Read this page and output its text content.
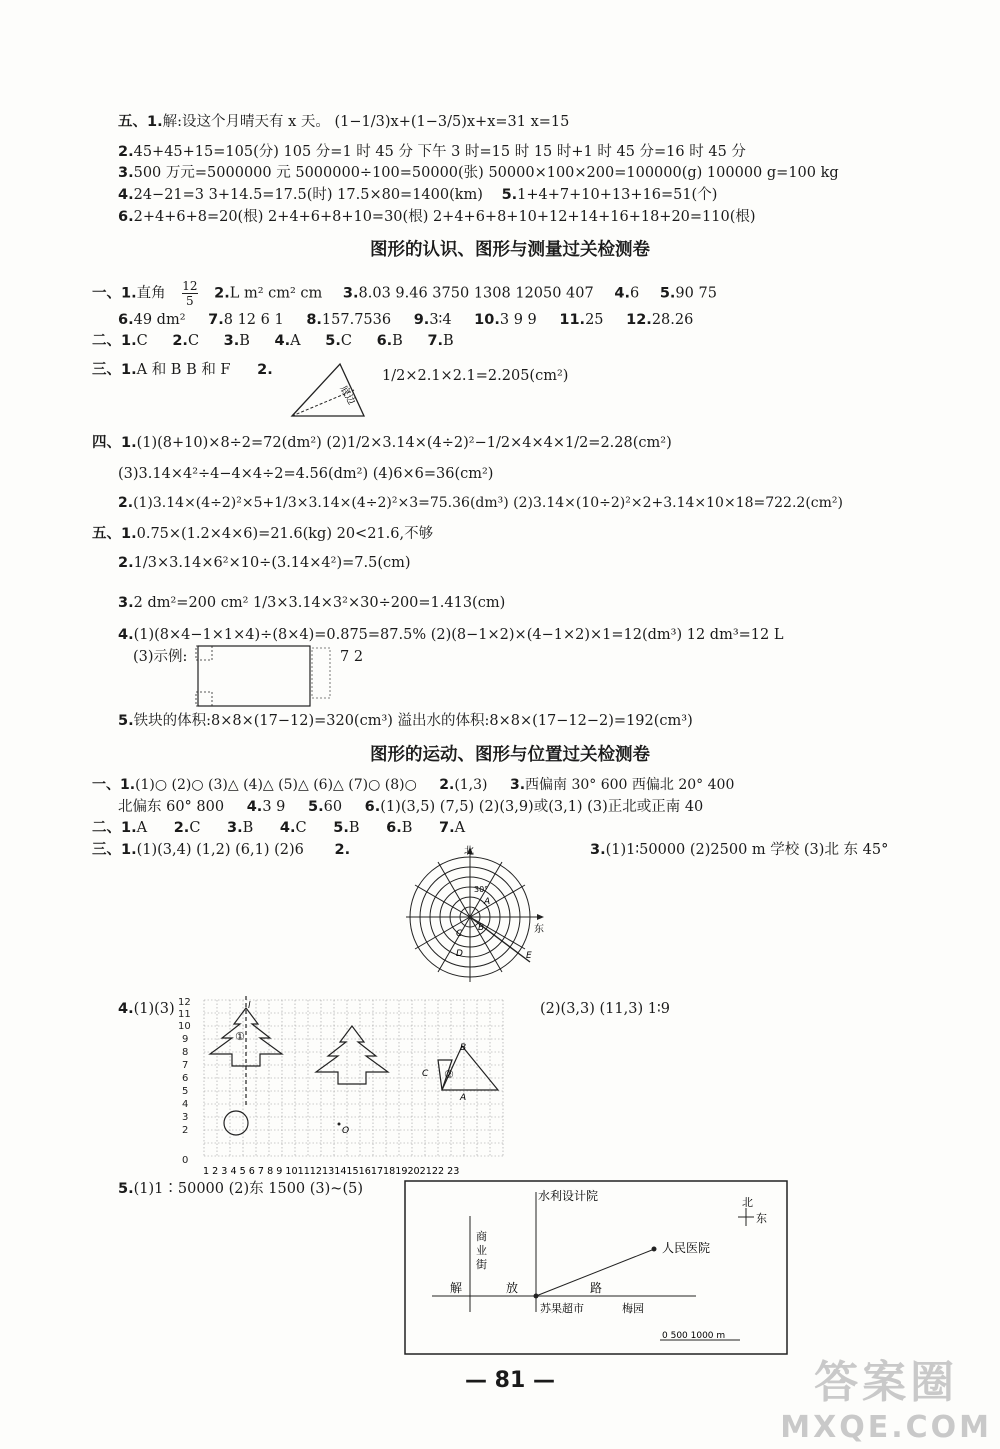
五、1.解:设这个月晴天有 x 天。 (1−1/3)x+(1−3/5)x+x=31 x=15
2.45+45+15=105(分) 105 分=1 时 45 分 下午 3 时=15 时 15 时+1 时 45 分=16 时 45 分
3.500 万元=5000000 元 5000000÷100=50000(张) 50000×100×200=100000(g) 100000 g=100 kg
4.24−21=3 3+14.5=17.5(时) 17.5×80=1400(km) 5.1+4+7+10+13+16=51(个)
6.2+4+6+8=20(根) 2+4+6+8+10=30(根) 2+4+6+8+10+12+14+16+18+20=110(根)
图形的认识、图形与测量过关检测卷
一、1.直角 $\frac{12}{5} 2.L$ m² cm² cm 3.8.03 9.46 3750 1308 12050 407 4.6 5.90 75
6.49 dm² 7.8 12 6 1 8.157.7536 9.3∶4 10.3 9 9 11.25 12.28.26
二、1.C 2.C 3.B 4.A 5.C 6.B 7.B
三、1.A 和 B B 和 F 2.
底边
1/2×2.1×2.1=2.205(cm²)
四、1.(1)(8+10)×8÷2=72(dm²) (2)1/2×3.14×(4÷2)²−1/2×4×4×1/2=2.28(cm²)
(3)3.14×4²÷4−4×4÷2=4.56(dm²) (4)6×6=36(cm²)
2.(1)3.14×(4÷2)²×5+1/3×3.14×(4÷2)²×3=75.36(dm³) (2)3.14×(10÷2)²×2+3.14×10×18=722.2(cm²)
五、1.0.75×(1.2×4×6)=21.6(kg) 20<21.6,不够
2.1/3×3.14×6²×10÷(3.14×4²)=7.5(cm)
3.2 dm²=200 cm² 1/3×3.14×3²×30÷200=1.413(cm)
4.(1)(8×4−1×1×4)÷(8×4)=0.875=87.5% (2)(8−1×2)×(4−1×2)×1=12(dm³) 12 dm³=12 L
(3)示例:	7 2
5.铁块的体积:8×8×(17−12)=320(cm³) 溢出水的体积:8×8×(17−12−2)=192(cm³)
图形的运动、图形与位置过关检测卷
一、1.(1)○ (2)○ (3)△ (4)△ (5)△ (6)△ (7)○ (8)○ 2.(1,3) 3.西偏南 30° 600 西偏北 20° 400
北偏东 60° 800 4.3 9 5.60 6.(1)(3,5) (7,5) (2)(3,9)或(3,1) (3)正北或正南 40
二、1.A 2.C 3.B 4.C 5.B 6.B 7.A
三、1.(1)(3,4) (1,2) (6,1) (2)6 2.	3.(1)1∶50000 (2)2500 m 学校 (3)北 东 45°
北
东
30°
A
B
C
D	E
4.(1)(3)	(2)(3,3) (11,3) 1∶9
12
11
10
9
8
7
6
5
4
3
2
0
1 2 3 4 5 6 7 8 9 10111213141516171819202122 23
l
①
②
A
B
C
O
5.(1)1∶50000 (2)东 1500 (3)~(5)	水利设计院
人民医院
北
东
商
业
街
解	放	路
苏果超市	梅园
0 500 1000 m
— 81 —	答案圈
MXQE.COM
